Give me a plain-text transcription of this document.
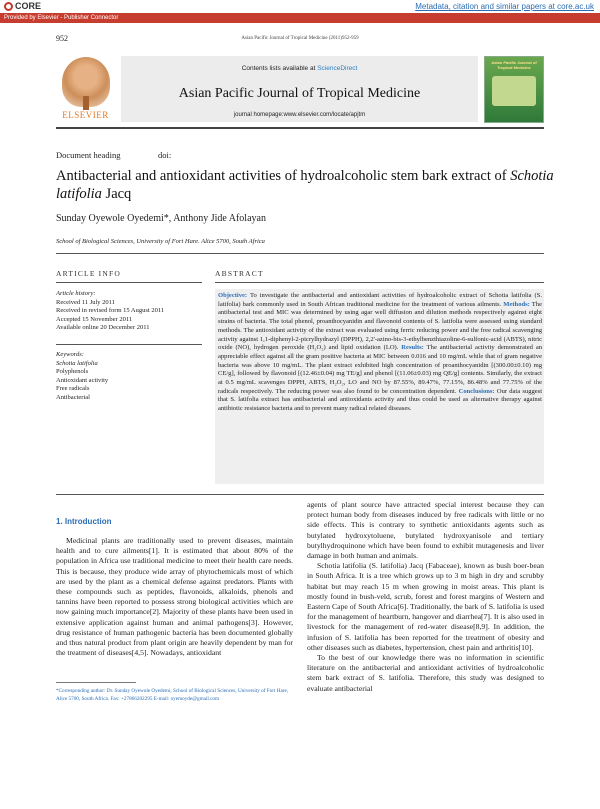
CORE	Metadata, citation and similar papers at core.ac.uk
Provided by Elsevier - Publisher Connector
952	Asian Pacific Journal of Tropical Medicine (2011)952-959
ELSEVIER
Contents lists available at ScienceDirect
Asian Pacific Journal of Tropical Medicine
journal homepage:www.elsevier.com/locate/apjtm
Asian Pacific Journal of Tropical Medicine
Document heading	doi:
Antibacterial and antioxidant activities of hydroalcoholic stem bark extract of Schotia latifolia Jacq
Sunday Oyewole Oyedemi*, Anthony Jide Afolayan
School of Biological Sciences, University of Fort Hare. Alice 5700, South Africa
ARTICLE INFO	ABSTRACT
Article history:
Received 11 July 2011
Received in revised form 15 August 2011
Accepted 15 November 2011
Available online 20 December 2011
Keywords:
Schotia latifolia
Polyphenols
Antioxidant activity
Free radicals
Antibacterial
Objective: To investigate the antibacterial and antioxidant activities of hydroalcoholic extract of Schotia latifolia (S. latifolia) bark commonly used in South African traditional medicine for the treatment of various ailments. Methods: The antibacterial test and MIC was determined by using agar well diffusion and dilution methods respectively against eight strains of bacteria. The total phenol, proanthocyanidin and flavonoid contents of S. latifolia were assessed using standard methods. The antioxidant activity of the extract was evaluated using ferric reducing power and the free radical scavenging activity against 1,1-diphenyl-2-picrylhydrazyl (DPPH), 2,2'-azino-bis-3-ethylbenzthiazoline-6-sulfonic-acid (ABTS), nitric oxide (NO), hydrogen peroxide (H₂O₂) and lipid oxidation (LO). Results: The antibacterial activity demonstrated an appreciable effect against all the gram positive bacteria at MIC between 0.016 and 10 mg/mL while that of gram negative bacteria was above 10 mg/mL. The plant extract exhibited high concentration of proanthocyanidin [(300.00±0.10) mg CE/g], followed by flavonoid [(12.46±0.04) mg TE/g] and phenol [(11.06±0.03) mg QE/g] contents. Similarly, the extract at 0.5 mg/mL scavenges DPPH, ABTS, H₂O₂, LO and NO by 87.55%, 89.47%, 77.15%, 86.48% and 77.75% of the radicals respectively. The reducing power was also found to be concentration dependent. Conclusions: Our data suggest that S. latifolia extract has antibacterial and antioxidants activity and thus could be used as alternative therapy against antibiotic resistance bacteria and to prevent many radical related diseases.
1. Introduction

Medicinal plants are traditionally used to prevent diseases, maintain health and to cure ailments[1]. It is estimated that about 80% of the population in Africa use traditional medicine to meet their health care needs. This is because, they produce wide array of phytochemicals most of which are used by the plant as a chemical defense against predators. Plants with these compounds such as peptides, flavonoids, alkaloids, phenols and tannins have been reported to possess strong biological activities which are now gaining much importance[2]. Majority of these plants have been used in extensive application against human and animal pathogens[3]. However, drug resistance of human pathogenic bacteria has been documented globally and thus natural product from plant origin are heavily dependent by man for the treatment of diseases[4,5]. Nowadays, antioxidant

*Corresponding author: Dr. Sunday Oyewole Oyedemi, School of Biological Sciences, University of Fort Hare, Alice 5700, South Africa. Fax: +27866202295 E-mail: oyemoyde@gmail.com

agents of plant source have attracted special interest because they can protect human body from diseases induced by free radicals with little or no side effects. This is contrary to synthetic antioxidants agents such as butylated hydroxytoluene, butylated hydroxyanisole and tertiary butylhydroquinone which have been found to exhibit mutagenesis and liver damage in both human and animals.

Schotia latifolia (S. latifolia) Jacq (Fabaceae), known as bush boer-bean in South Africa. It is a tree which grows up to 3 m high in dry and scrubby habitat but may reach 15 m when growing in moist areas. This plant is mostly found in bush-veld, scrub, forest and forest margins of Western and Eastern Cape of South Africa[6]. Traditionally, the bark of S. latifolia is used for the management of heartburn, hangover and diarrhea[7]. It is also used in livestock for the management of red-water disease[8,9]. In addition, the infusion of S. latifolia has been reported for the treatment of obesity and other diseases such as diabetes, hypertension, chest pain and arthritis[10].

To the best of our knowledge there was no information in scientific literature on the antibacterial and antioxidant activities of hydroalcoholic stem bark extract of S. latifolia. Therefore, this study was designed to evaluate antibacterial
